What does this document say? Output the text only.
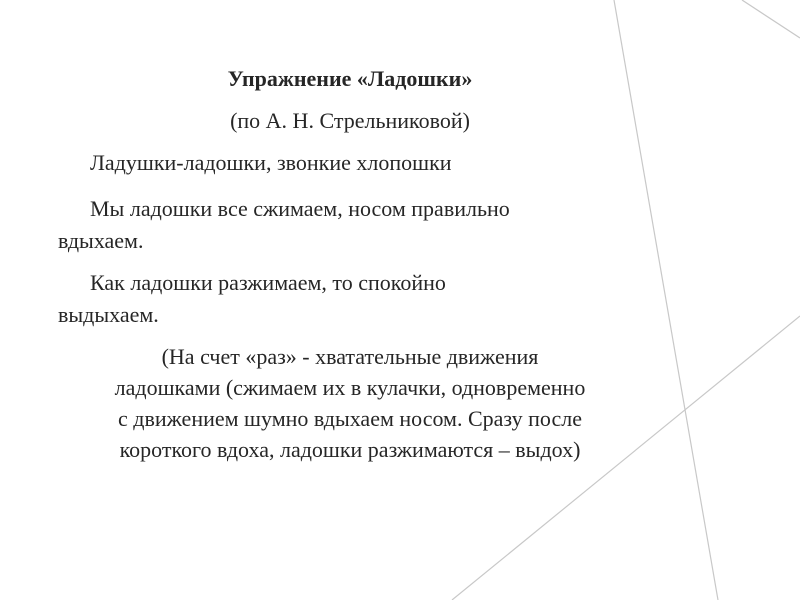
Упражнение «Ладошки»
(по А. Н. Стрельниковой)
Ладушки-ладошки, звонкие хлопошки
Мы ладошки все сжимаем, носом правильно
вдыхаем.
Как ладошки разжимаем, то спокойно
выдыхаем.
(На счет «раз» - хватательные движения
ладошками (сжимаем их в кулачки, одновременно
с движением шумно вдыхаем носом. Сразу после
короткого вдоха, ладошки разжимаются – выдох)
